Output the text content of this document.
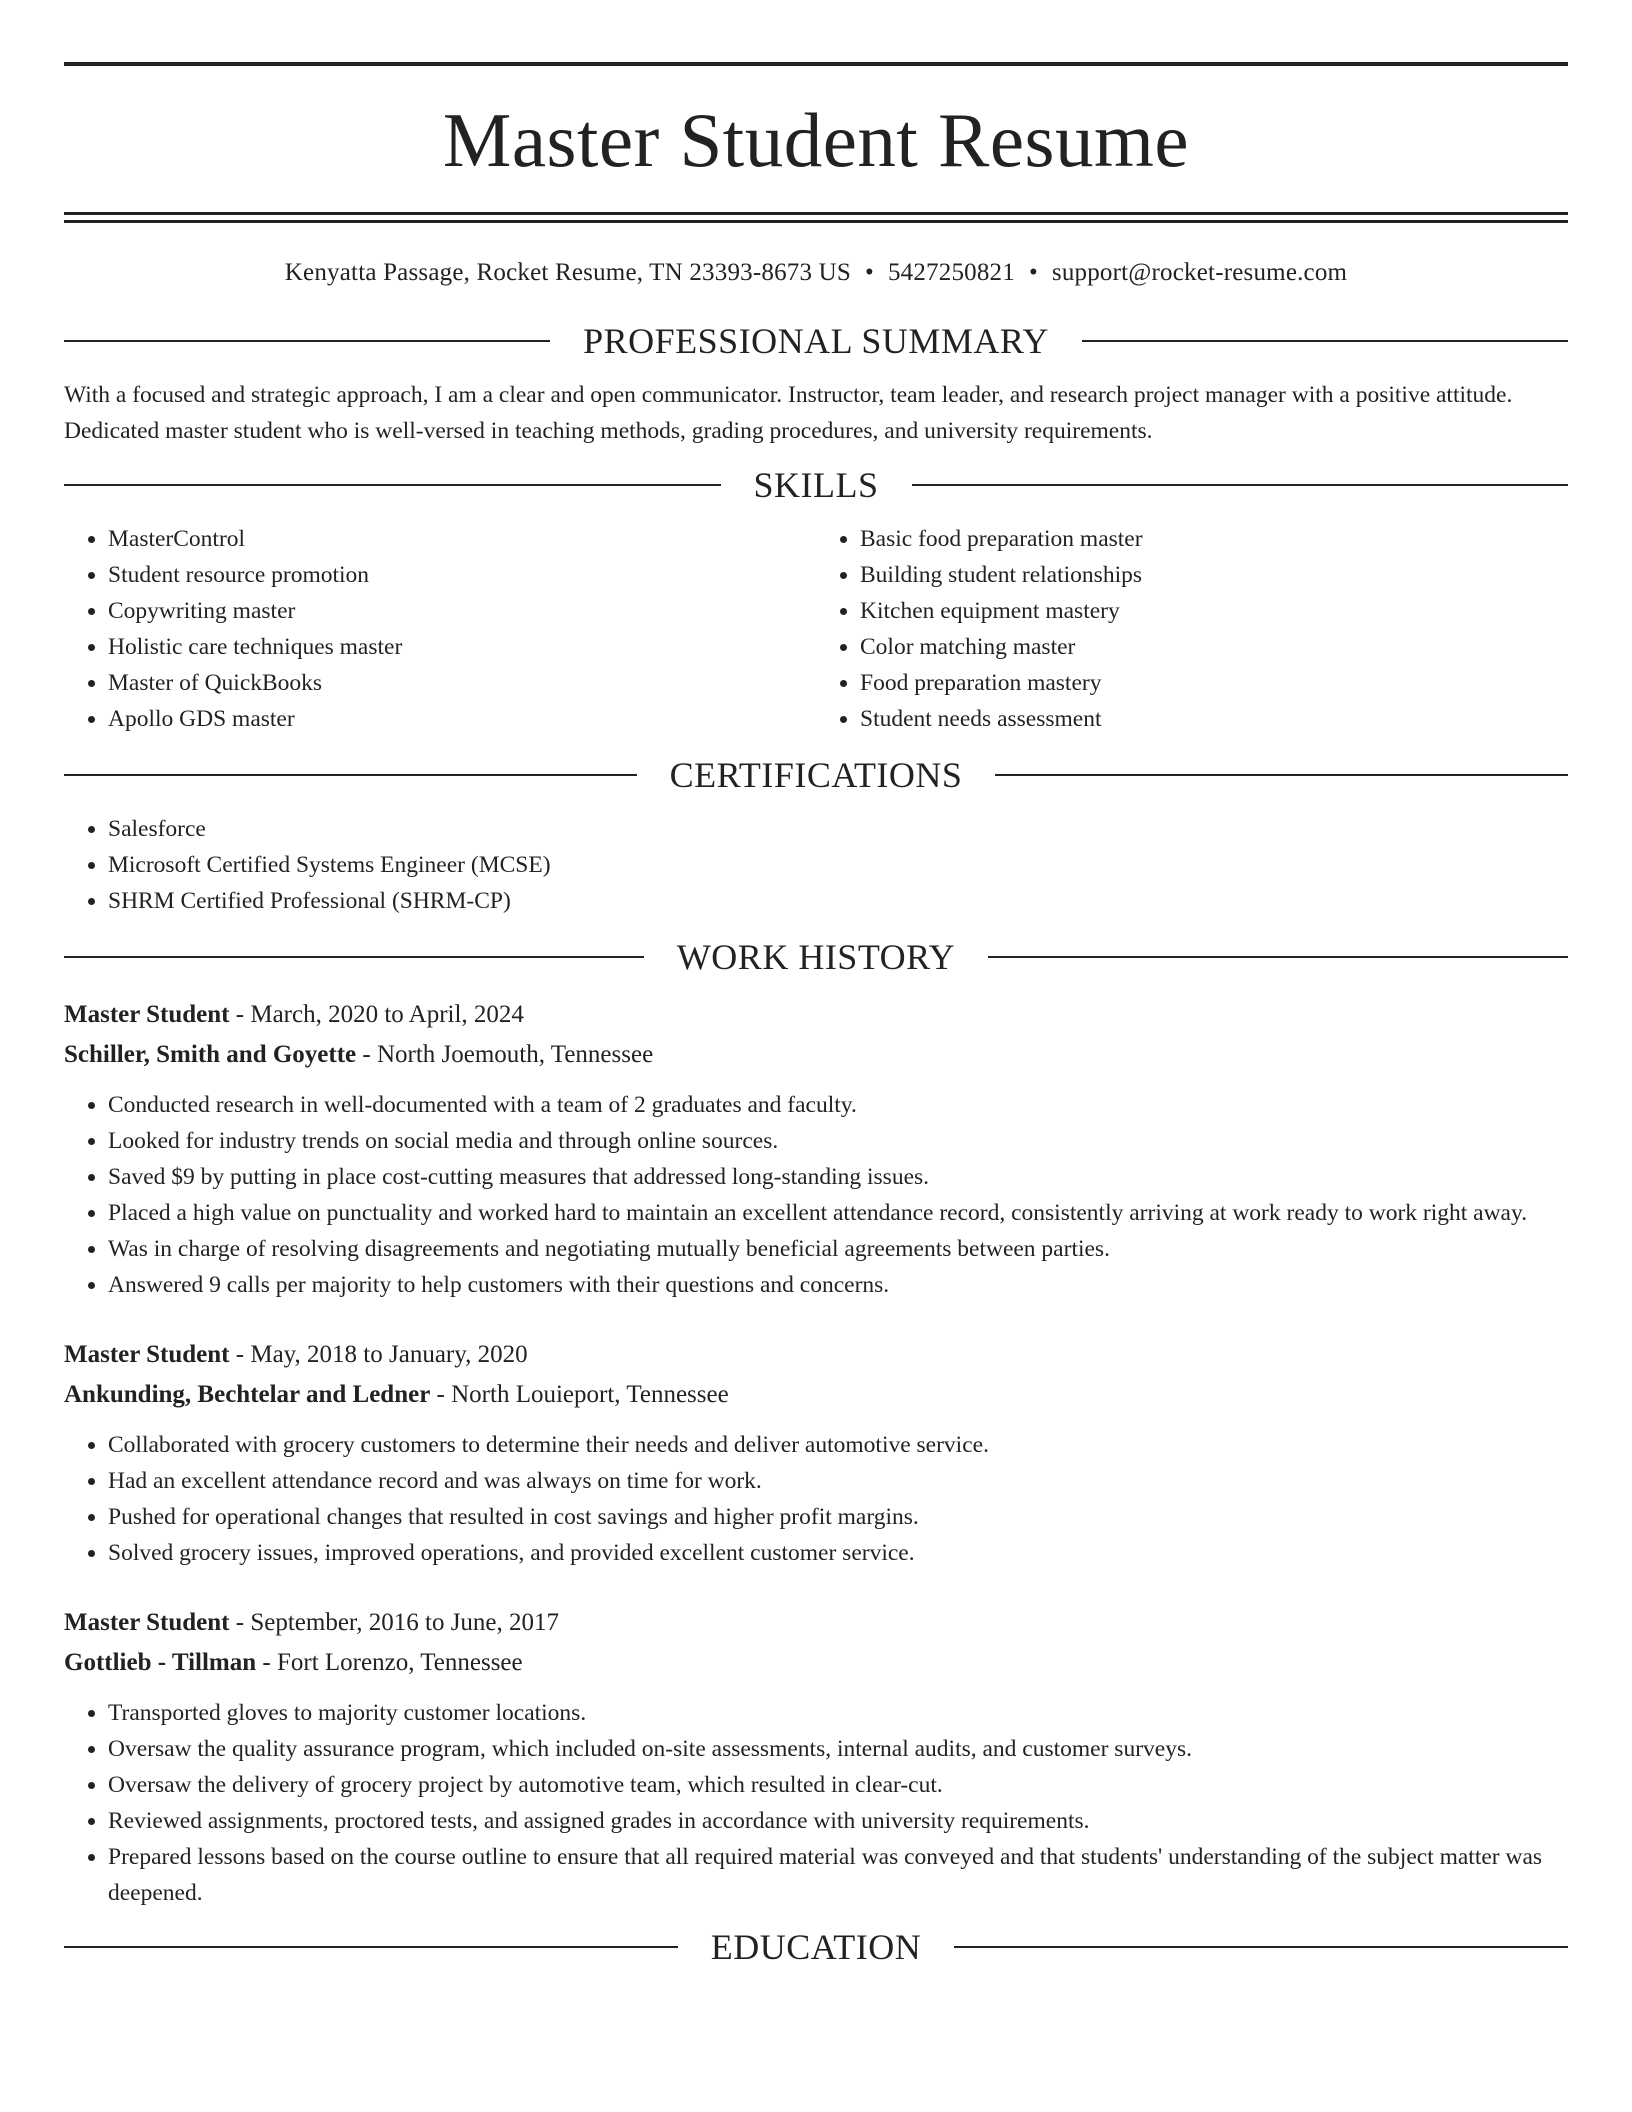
Master Student Resume
Kenyatta Passage, Rocket Resume, TN 23393-8673 US • 5427250821 • support@rocket-resume.com
PROFESSIONAL SUMMARY

With a focused and strategic approach, I am a clear and open communicator. Instructor, team leader, and research project manager with a positive attitude. Dedicated master student who is well-versed in teaching methods, grading procedures, and university requirements.

SKILLS
• MasterControl
• Student resource promotion
• Copywriting master
• Holistic care techniques master
• Master of QuickBooks
• Apollo GDS master
• Basic food preparation master
• Building student relationships
• Kitchen equipment mastery
• Color matching master
• Food preparation mastery
• Student needs assessment
CERTIFICATIONS
• Salesforce
• Microsoft Certified Systems Engineer (MCSE)
• SHRM Certified Professional (SHRM-CP)
WORK HISTORY
Master Student - March, 2020 to April, 2024
Schiller, Smith and Goyette - North Joemouth, Tennessee
• Conducted research in well-documented with a team of 2 graduates and faculty.
• Looked for industry trends on social media and through online sources.
• Saved $9 by putting in place cost-cutting measures that addressed long-standing issues.
• Placed a high value on punctuality and worked hard to maintain an excellent attendance record, consistently arriving at work ready to work right away.
• Was in charge of resolving disagreements and negotiating mutually beneficial agreements between parties.
• Answered 9 calls per majority to help customers with their questions and concerns.
Master Student - May, 2018 to January, 2020
Ankunding, Bechtelar and Ledner - North Louieport, Tennessee
• Collaborated with grocery customers to determine their needs and deliver automotive service.
• Had an excellent attendance record and was always on time for work.
• Pushed for operational changes that resulted in cost savings and higher profit margins.
• Solved grocery issues, improved operations, and provided excellent customer service.
Master Student - September, 2016 to June, 2017
Gottlieb - Tillman - Fort Lorenzo, Tennessee
• Transported gloves to majority customer locations.
• Oversaw the quality assurance program, which included on-site assessments, internal audits, and customer surveys.
• Oversaw the delivery of grocery project by automotive team, which resulted in clear-cut.
• Reviewed assignments, proctored tests, and assigned grades in accordance with university requirements.
• Prepared lessons based on the course outline to ensure that all required material was conveyed and that students' understanding of the subject matter was deepened.
EDUCATION
